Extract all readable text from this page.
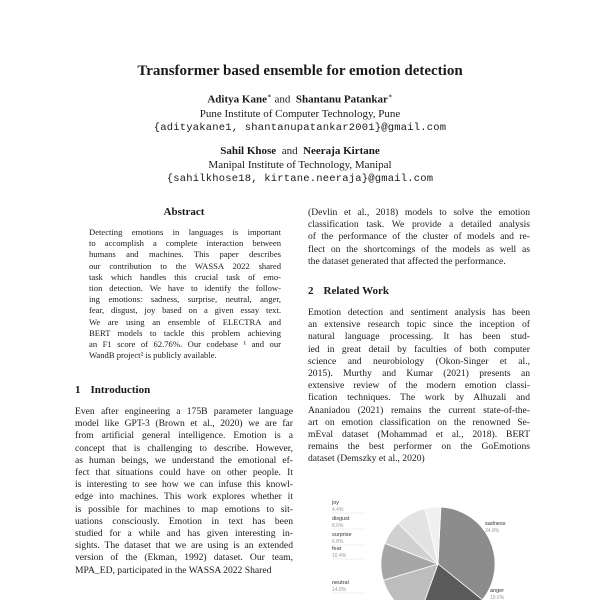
Transformer based ensemble for emotion detection
Aditya Kane∗ and Shantanu Patankar∗
Pune Institute of Computer Technology, Pune
{adityakane1, shantanupatankar2001}@gmail.com
Sahil Khose and Neeraja Kirtane
Manipal Institute of Technology, Manipal
{sahilkhose18, kirtane.neeraja}@gmail.com
Abstract
Detecting emotions in languages is important
to accomplish a complete interaction between
humans and machines. This paper describes
our contribution to the WASSA 2022 shared
task which handles this crucial task of emo-
tion detection. We have to identify the follow-
ing emotions: sadness, surprise, neutral, anger,
fear, disgust, joy based on a given essay text.
We are using an ensemble of ELECTRA and
BERT models to tackle this problem achieving
an F1 score of 62.76%. Our codebase ¹ and our
WandB project² is publicly available.
1 Introduction
Even after engineering a 175B parameter language
model like GPT-3 (Brown et al., 2020) we are far
from artificial general intelligence. Emotion is a
concept that is challenging to describe. However,
as human beings, we understand the emotional ef-
fect that situations could have on other people. It
is interesting to see how we can infuse this knowl-
edge into machines. This work explores whether it
is possible for machines to map emotions to sit-
uations consciously. Emotion in text has been
studied for a while and has given interesting in-
sights. The dataset that we are using is an extended
version of the (Ekman, 1992) dataset. Our team,
MPA_ED, participated in the WASSA 2022 Shared
(Devlin et al., 2018) models to solve the emotion
classification task. We provide a detailed analysis
of the performance of the cluster of models and re-
flect on the shortcomings of the models as well as
the dataset generated that affected the performance.
2 Related Work
Emotion detection and sentiment analysis has been
an extensive research topic since the inception of
natural language processing. It has been stud-
ied in great detail by faculties of both computer
science and neurobiology (Okon-Singer et al.,
2015). Murthy and Kumar (2021) presents an
extensive review of the modern emotion classi-
fication techniques. The work by Alhuzali and
Ananiadou (2021) remains the current state-of-the-
art on emotion classification on the renowned Se-
mEval dataset (Mohammad et al., 2018). BERT
remains the best performer on the GoEmotions
dataset (Demszky et al., 2020)
sadness
34.8%
anger
19.6%
neutral
14.8%
fear
10.4%
surprise
6.8%
disgust
8.6%
joy
4.4%
